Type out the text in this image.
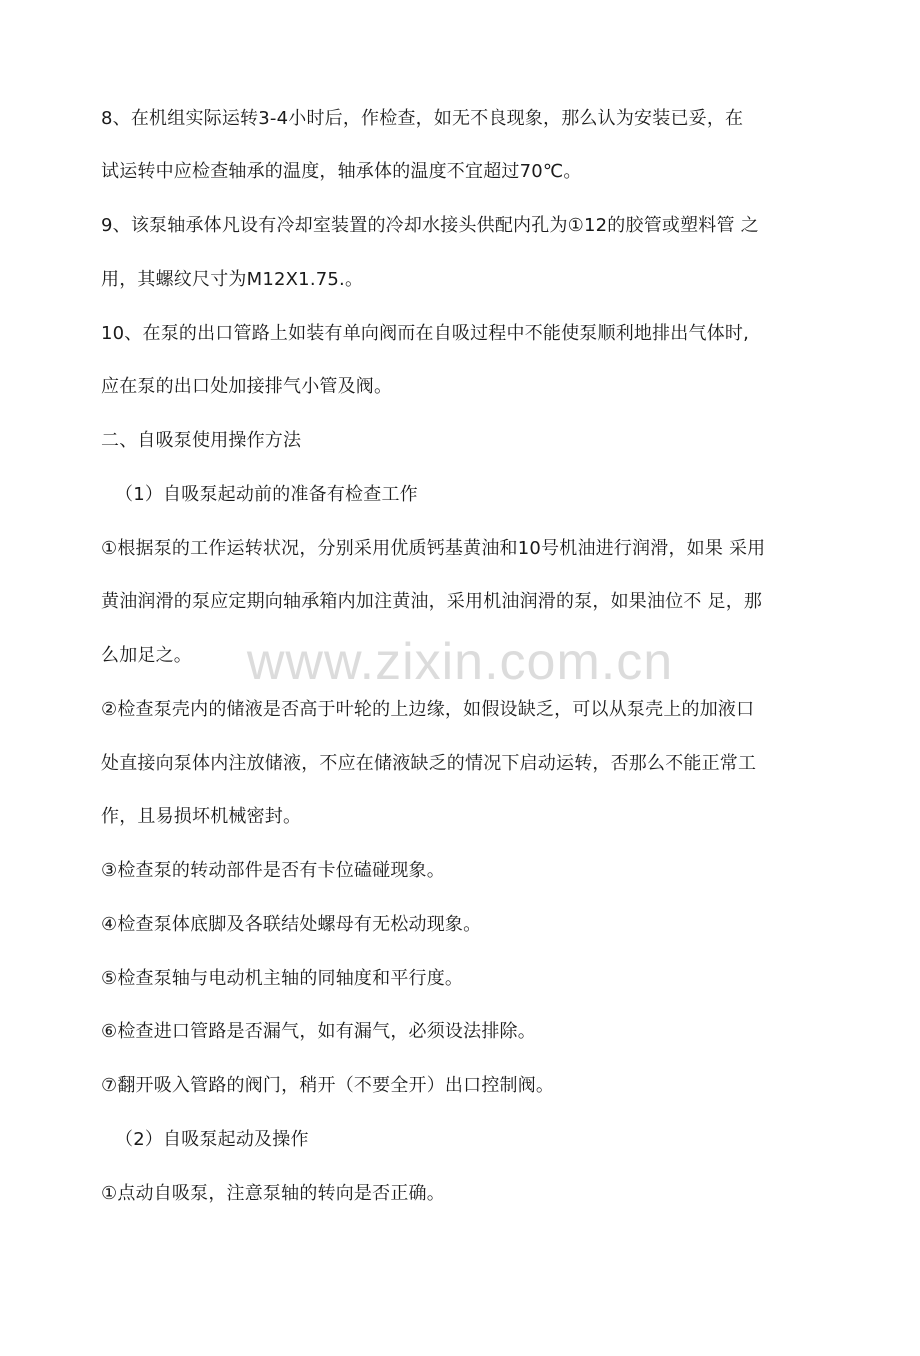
8、在机组实际运转3-4小时后，作检查，如无不良现象，那么认为安装已妥，在
试运转中应检查轴承的温度，轴承体的温度不宜超过70℃。
9、该泵轴承体凡设有冷却室装置的冷却水接头供配内孔为①12的胶管或塑料管 之
用，其螺纹尺寸为M12X1.75.。
10、在泵的出口管路上如装有单向阀而在自吸过程中不能使泵顺利地排出气体时,
应在泵的出口处加接排气小管及阀。
二、自吸泵使用操作方法
（1）自吸泵起动前的准备有检查工作
①根据泵的工作运转状况，分别采用优质钙基黄油和10号机油进行润滑，如果 采用
黄油润滑的泵应定期向轴承箱内加注黄油，采用机油润滑的泵，如果油位不 足，那
么加足之。
②检查泵壳内的储液是否高于叶轮的上边缘，如假设缺乏，可以从泵壳上的加液口
处直接向泵体内注放储液，不应在储液缺乏的情况下启动运转，否那么不能正常工
作，且易损坏机械密封。
③检查泵的转动部件是否有卡位磕碰现象。
④检查泵体底脚及各联结处螺母有无松动现象。
⑤检查泵轴与电动机主轴的同轴度和平行度。
⑥检查进口管路是否漏气，如有漏气，必须设法排除。
⑦翻开吸入管路的阀门，稍开（不要全开）出口控制阀。
（2）自吸泵起动及操作
①点动自吸泵，注意泵轴的转向是否正确。
www.zixin.com.cn
